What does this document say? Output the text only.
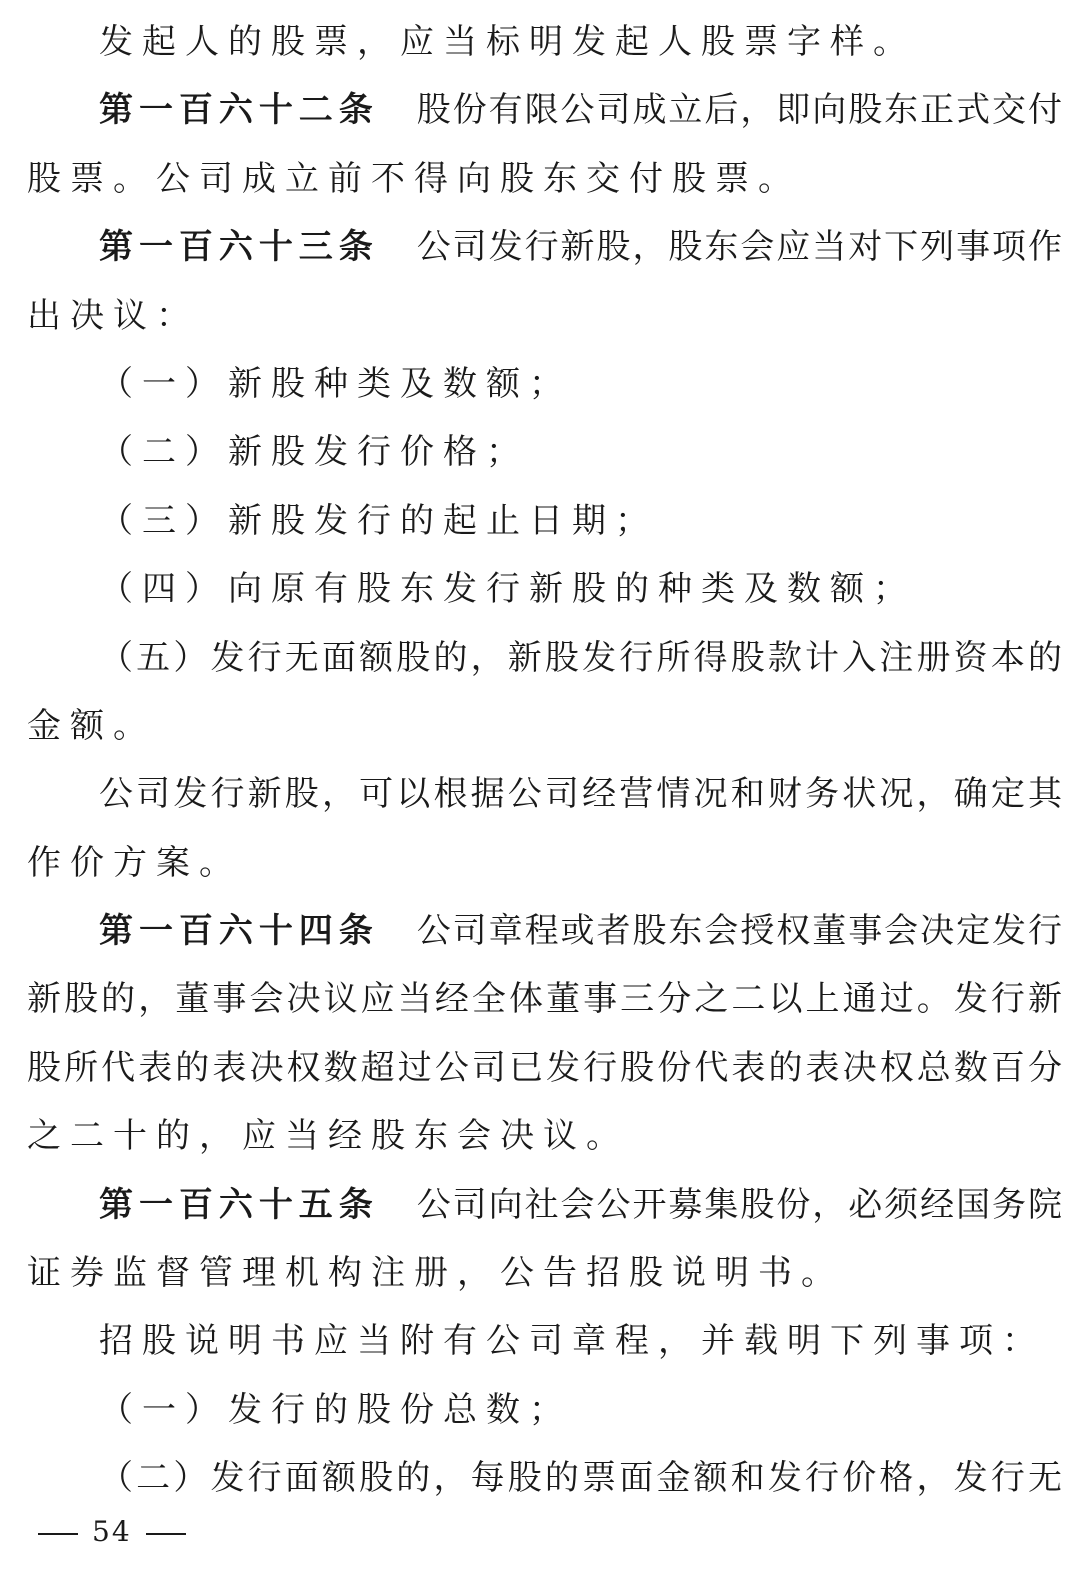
发起人的股票，应当标明发起人股票字样。
第一百六十二条 股份有限公司成立后，即向股东正式交付
股票。公司成立前不得向股东交付股票。
第一百六十三条 公司发行新股，股东会应当对下列事项作
出决议：
（一）新股种类及数额；
（二）新股发行价格；
（三）新股发行的起止日期；
（四）向原有股东发行新股的种类及数额；
（五）发行无面额股的，新股发行所得股款计入注册资本的
金额。
公司发行新股，可以根据公司经营情况和财务状况，确定其
作价方案。
第一百六十四条 公司章程或者股东会授权董事会决定发行
新股的，董事会决议应当经全体董事三分之二以上通过。发行新
股所代表的表决权数超过公司已发行股份代表的表决权总数百分
之二十的，应当经股东会决议。
第一百六十五条 公司向社会公开募集股份，必须经国务院
证券监督管理机构注册，公告招股说明书。
招股说明书应当附有公司章程，并载明下列事项：
（一）发行的股份总数；
（二）发行面额股的，每股的票面金额和发行价格，发行无
54
